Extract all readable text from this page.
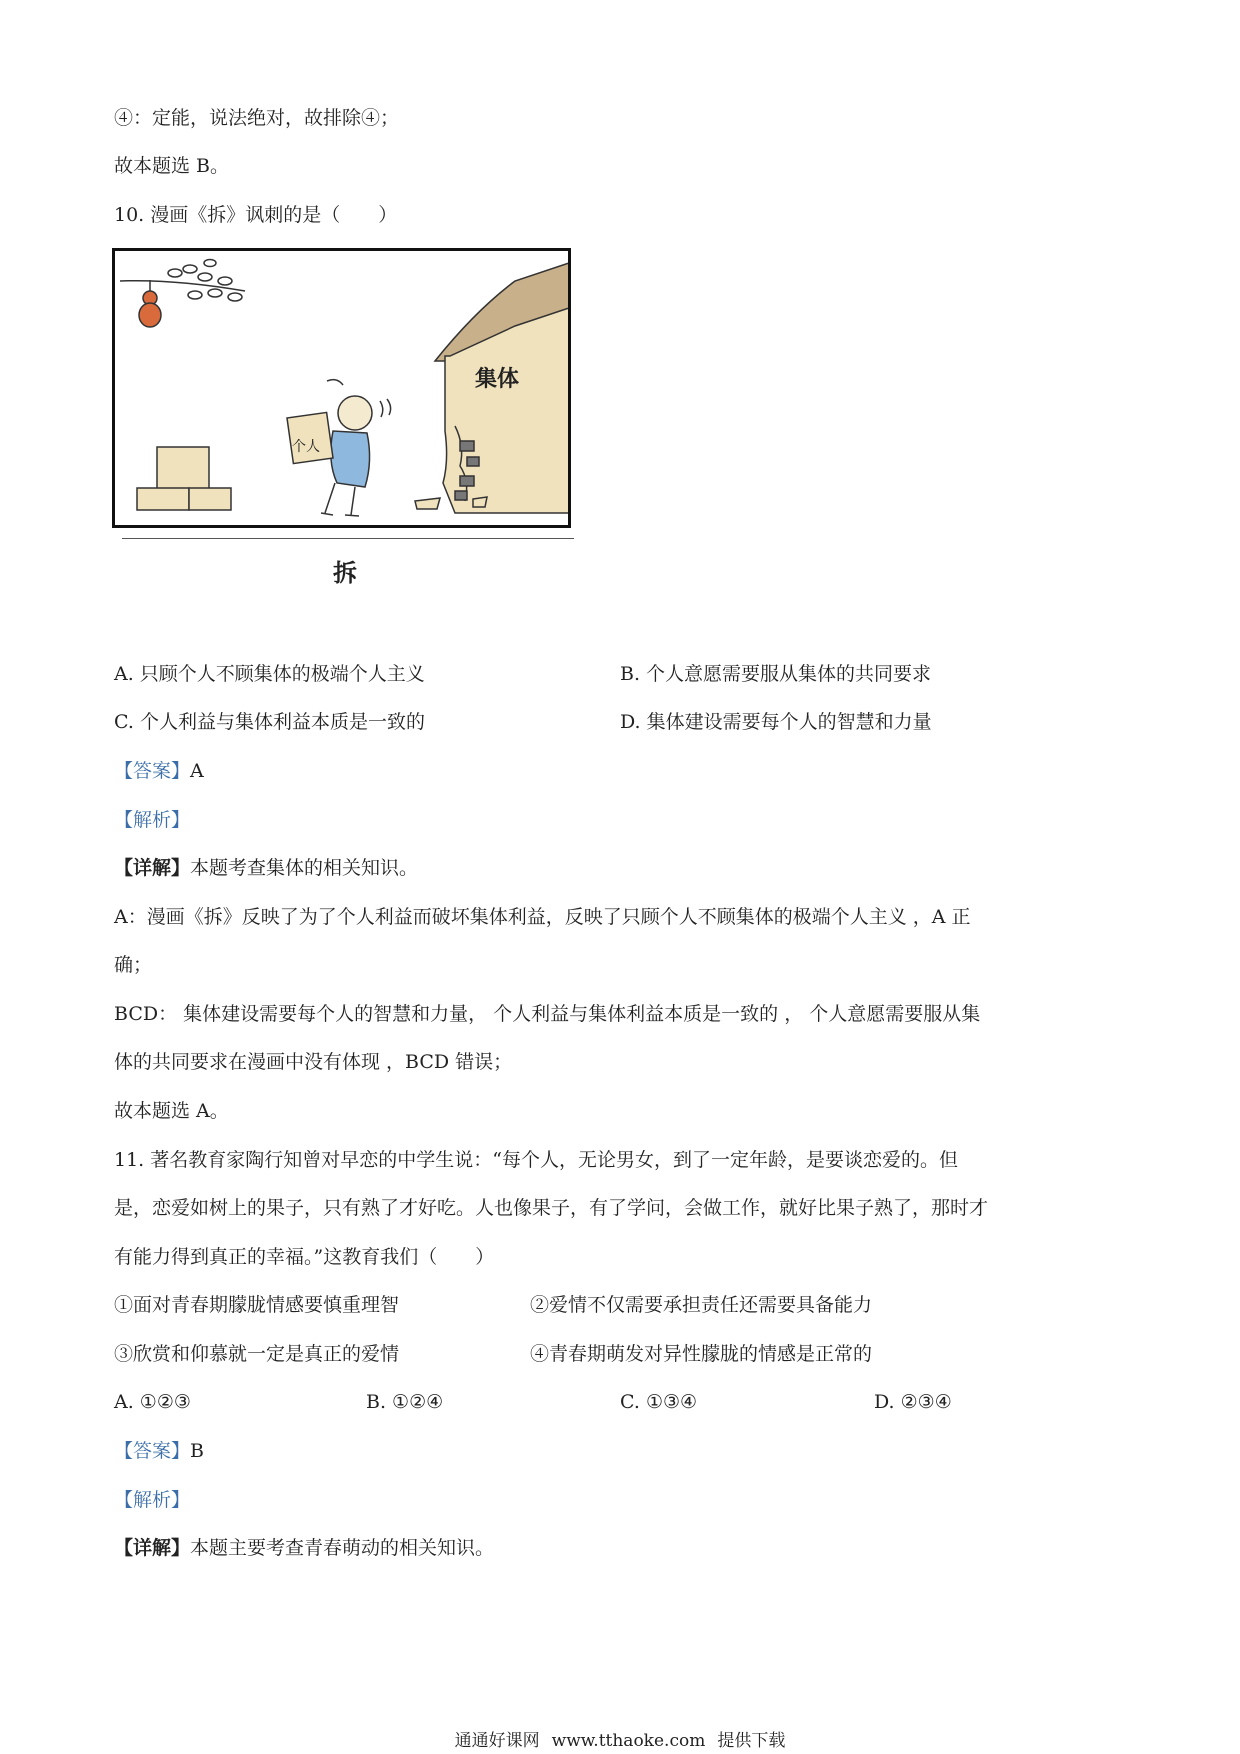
④：定能，说法绝对，故排除④；
故本题选 B。
10. 漫画《拆》讽刺的是（　　）
个人
集体
拆
A. 只顾个人不顾集体的极端个人主义	B. 个人意愿需要服从集体的共同要求
C. 个人利益与集体利益本质是一致的	D. 集体建设需要每个人的智慧和力量
【答案】A
【解析】
【详解】本题考查集体的相关知识。
A：漫画《拆》反映了为了个人利益而破坏集体利益，反映了只顾个人不顾集体的极端个人主义 ，A 正
确；
BCD： 集体建设需要每个人的智慧和力量， 个人利益与集体利益本质是一致的 ， 个人意愿需要服从集
体的共同要求在漫画中没有体现 ，BCD 错误；
故本题选 A。
11. 著名教育家陶行知曾对早恋的中学生说：“每个人，无论男女，到了一定年龄，是要谈恋爱的。但
是，恋爱如树上的果子，只有熟了才好吃。人也像果子，有了学问，会做工作，就好比果子熟了，那时才
有能力得到真正的幸福。”这教育我们（　　）
①面对青春期朦胧情感要慎重理智	②爱情不仅需要承担责任还需要具备能力
③欣赏和仰慕就一定是真正的爱情	④青春期萌发对异性朦胧的情感是正常的
A. ①②③	B. ①②④	C. ①③④	D. ②③④
【答案】B
【解析】
【详解】本题主要考查青春萌动的相关知识。
通通好课网 www.tthaoke.com 提供下载
